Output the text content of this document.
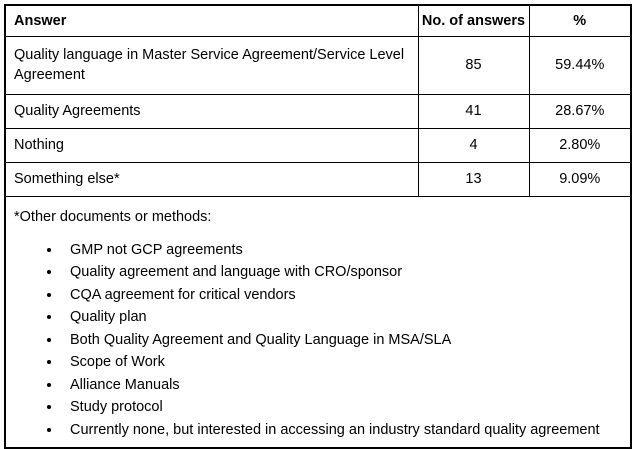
Answer	No. of answers	%
Quality language in Master Service Agreement/Service Level Agreement	85	59.44%
Quality Agreements	41	28.67%
Nothing	4	2.80%
Something else*	13	9.09%

*Other documents or methods:
• GMP not GCP agreements
• Quality agreement and language with CRO/sponsor
• CQA agreement for critical vendors
• Quality plan
• Both Quality Agreement and Quality Language in MSA/SLA
• Scope of Work
• Alliance Manuals
• Study protocol
• Currently none, but interested in accessing an industry standard quality agreement
